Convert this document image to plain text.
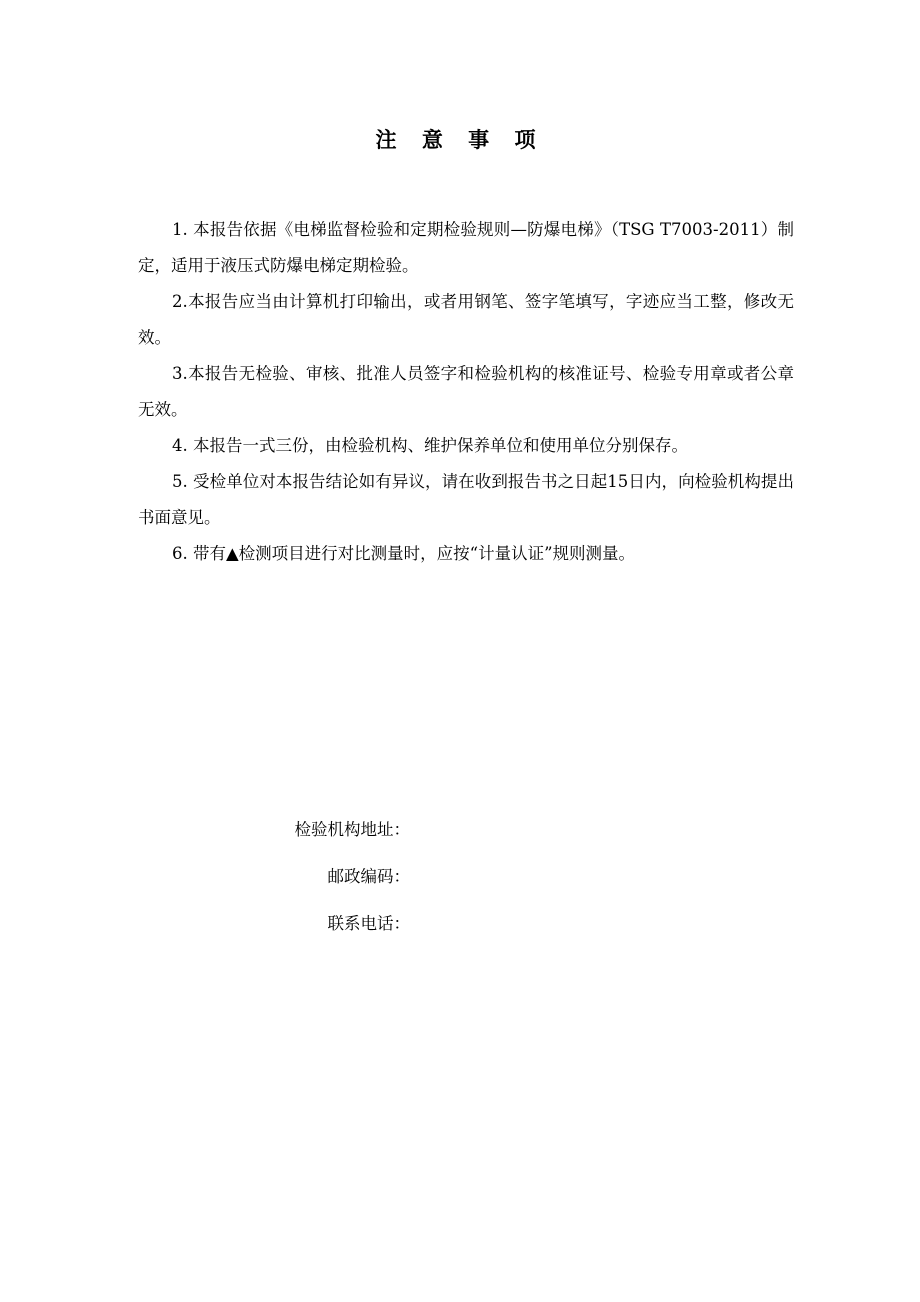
注 意 事 项

1. 本报告依据《电梯监督检验和定期检验规则—防爆电梯》（TSG T7003-2011）制定，适用于液压式防爆电梯定期检验。

2.本报告应当由计算机打印输出，或者用钢笔、签字笔填写，字迹应当工整，修改无效。

3.本报告无检验、审核、批准人员签字和检验机构的核准证号、检验专用章或者公章无效。

4. 本报告一式三份，由检验机构、维护保养单位和使用单位分别保存。

5. 受检单位对本报告结论如有异议，请在收到报告书之日起15日内，向检验机构提出书面意见。

6. 带有▲检测项目进行对比测量时，应按“计量认证”规则测量。

检验机构地址：
邮政编码：
联系电话：
